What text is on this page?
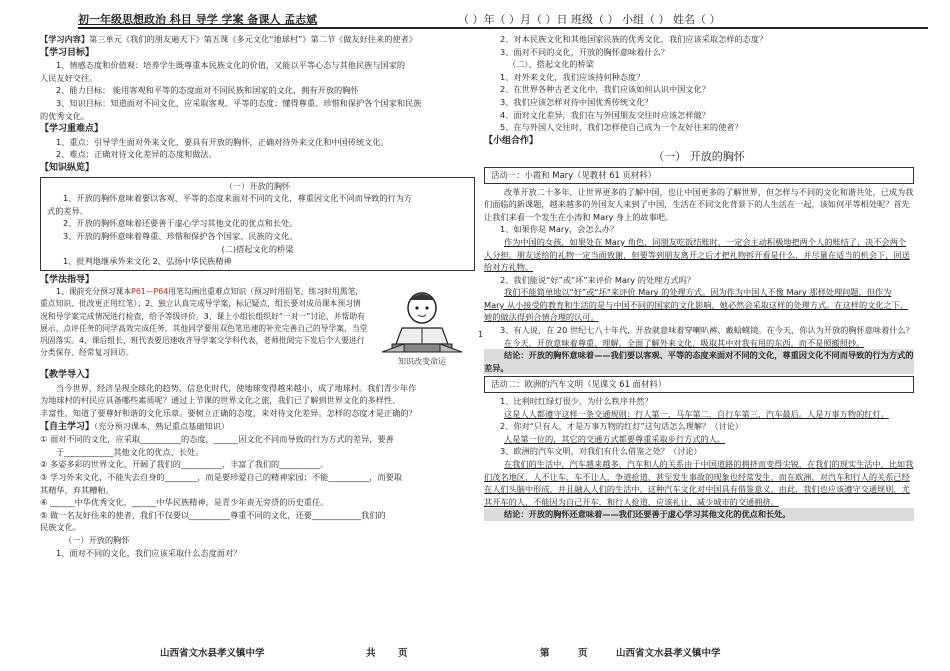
初一年级思想政治 科目 导学 学案 备课人 孟志斌	（ ）年（ ）月（ ）日 班级（ ） 小组（ ） 姓名（ ）

【学习内容】第三单元《我们的朋友遍天下》第五课《多元文化“地球村”》第二节《做友好往来的使者》

【学习目标】

1、情感态度和价值观：培养学生既尊重本民族文化的价值，又能以平等心态与其他民族与国家的

人民友好交往。

2、能力目标： 能用客观和平等的态度面对不同民族和国家的文化，拥有开放的胸怀

3、知识目标：知道面对不同文化，应采取客观、平等的态度；懂得尊重、珍惜和保护各个国家和民族

的优秀文化。

【学习重难点】

1、重点：引导学生面对外来文化，要具有开放的胸怀，正确对待外来文化和中国传统文化。

2、难点：正确对待文化差异的态度和做法。

【知识纵览】

（一）开放的胸怀

1、开放的胸怀意味着要以客观、平等的态度来面对不同的文化，尊重因文化不同而导致的行为方

式的差异。

2、开放的胸怀意味着还要善于虚心学习其他文化的优点和长处。

3、开放的胸怀意味着尊重、珍惜和保护各个国家、民族的文化。

(二)搭起文化的桥梁

1、批判地继承外来文化 2、弘扬中华民族精神

【学法指导】

1、课前充分预习课本P61—P64用笔勾画出重难点知识（预习时用铅笔，练习时用黑笔，重点知识、批改更正用红笔）；2、独立认真完成导学案，标记疑点，组长要对成员课本预习情况和导学案完成情况进行检查，给予等级评价。3、课上小组长组织好“一对一”讨论，并帮助有展示、点评任务的同学高效完成任务，其他同学要用双色笔迅速的补充完善自己的导学案，当堂巩固落实。4、课后组长、班代表要迅速收齐导学案交学科代表，老师批阅完下发后个人要进行分类保存、经常复习回访。

知识改变命运

【教学导入】

当今世界，经济呈现全球化的趋势，信息化时代，使地球变得越来越小，成了地球村。我们青少年作

为地球村的村民应具备哪些素质呢？通过上节课的世界文化之旅，我们已了解到世界文化的多样性、

丰富性，知道了要尊好和谐的文化乐章。要树立正确的态度，来对待文化差异。怎样的态度才是正确的？

【自主学习】（充分预习课本，熟记重点基础知识）

① 面对不同的文化，应采取__________的态度，______因文化不同而导致的行为方式的差异，要善

于____________其他文化的优点、长处。

② 多姿多彩的世界文化，开阔了我们的__________，丰富了我们的__________。

③ 学习外来文化，不能失去自身的________，而是要珍爱自己的精神家园；不能__________，而要取

其精华，弃其糟粕。

④ ______中华优秀文化，______中华民族精神，是青少年责无旁贷的历史重任。

⑤ 做一名友好往来的使者，我们不仅要以__________尊重不同的文化，还要____________我们的

民族文化。

（一）开放的胸怀

1、面对不同的文化，我们应该采取什么态度面对？

1

2、对本民族文化和其他国家民族的优秀文化，我们应该采取怎样的态度？

3、面对不同的文化，开放的胸怀意味着什么？

（二）、搭起文化的桥梁

1、对外来文化，我们应该持何种态度？

2、在世界各种古老文化中，我们应该如何认识中国文化？

3、我们应该怎样对待中国优秀传统文化？

4、面对文化差异，我们在与外国朋友交往时应该怎样做？

5、在与外国人交往时，我们怎样使自己成为一个友好往来的使者？

【小组合作】

（一） 开放的胸怀

活动一：小霞和 Mary（见教材 61 页材料）

改革开放二十多年，让世界更多的了解中国，也让中国更多的了解世界，但怎样与不同的文化和谐共处，已成为我们面临的新课题，越来越多的外国友人来到了中国，生活在不同文化背景下的人生活在一起，该如何平等相处呢？首先让我们来看一个发生在小涛和 Mary 身上的故事吧。

1、如果你是 Mary，会怎么办？

作为中国的女孩，如果处在 Mary 角色，同朋友吃饭结账时，一定会主动积极地把两个人的账结了，决不会两个人分担。朋友送给的礼物一定当面致谢，但要等到朋友离开之后才把礼物拆开看是什么，并尽量在适当的机会下，回送给对方礼物。

2、我们能说“好”或“坏”来评价 Mary 的处理方式吗？

我们不能简单地以“好”或“坏”来评价 Mary 的处理方式。因为作为中国人不像 Mary 那样处理问题，但作为 Mary 从小接受的教育和生活的是与中国不同的国家的文化影响，她必然会采取这样的处理方式。在这样的文化之下，她的做法得到合情合理的认可。

3、有人说，在 20 世纪七八十年代，开放就意味着穿喇叭裤、戴蛤蟆镜。在今天，你认为开放的胸怀意味着什么？

在今天，开放意味着尊重、理解，全面了解外来文化，吸取其中对我有用的东西，而不是照搬照抄。

结论：开放的胸怀意味着——我们要以客观、平等的态度来面对不同的文化，尊重因文化不同而导致的行为方式的差异。

活动二：欧洲的汽车文明（见课文 61 面材料）

1、比利时红绿灯很少，为什么秩序井然？

这是人人都遵守这样一条交通规则：行人第一，马车第二，自行车第三，汽车最后。人是万事万物的红灯。

2、你对“只有人，才是万事万物的红灯”这句话怎么理解？（讨论）

人是第一位的，其它的交通方式都要尊重采取步行方式的人。

3、欧洲的汽车文明，对我们有什么借鉴之处？（讨论）

在我们的生活中，汽车越来越多，汽车和人的关系由于中国道路的拥挤而变得尖锐，在我们的现实生活中，比如我们茂名地区，人不让车，车不让人，争道抢道，甚至发生事故的现象也经常发生，而在欧洲，对汽车和行人的关系已经在人们头脑中形成，并且融入人们的生活中，这种汽车文化对中国具有借鉴意义，由此，我们也应该遵守交通规则，尤其开车的人，不能因为自己开车，和行人抢道，应该礼让，减少城市的交通拥挤。

结论：开放的胸怀还意味着——我们还要善于虚心学习其他文化的优点和长处。

山西省文水县孝义镇中学	共 页	第	页	山西省文水县孝义镇中学
